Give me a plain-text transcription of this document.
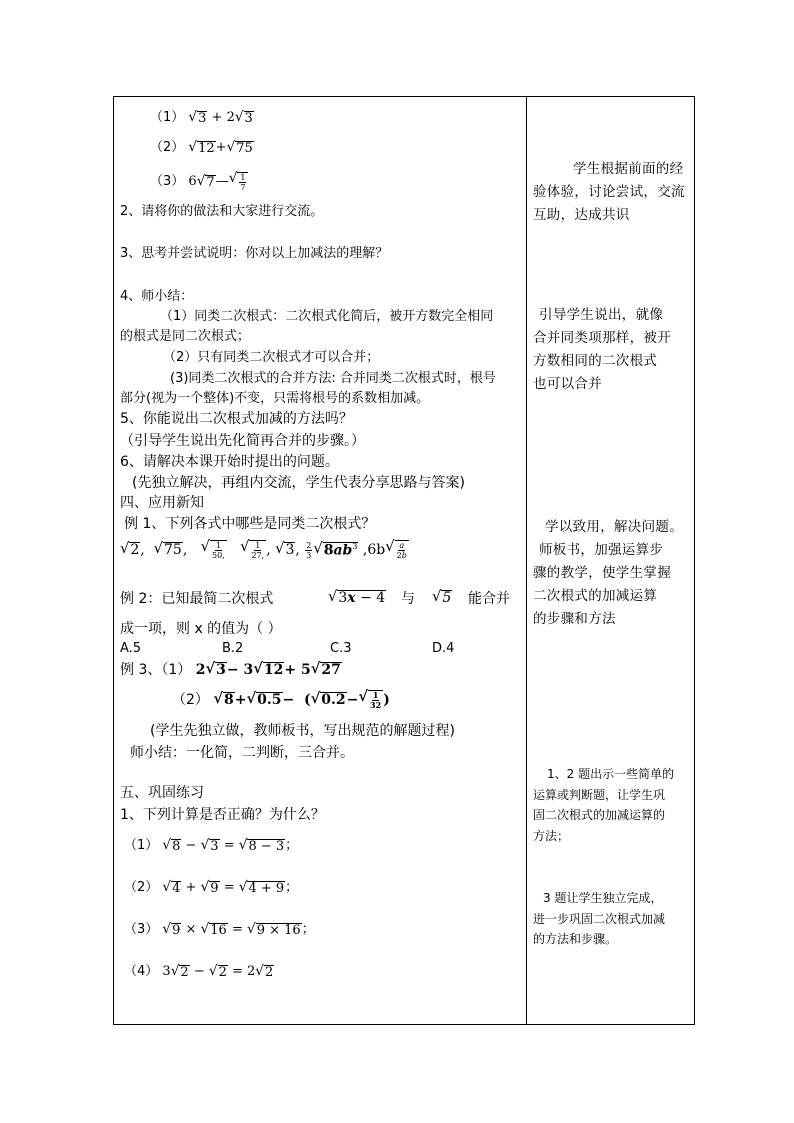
（1） √ 3 + 2 √ 3
（2） √ 12 + √ 75
（3） 6 √ 7 — √ $\frac{1}{7}$
2、请将你的做法和大家进行交流。
3、思考并尝试说明：你对以上加减法的理解？
4、师小结：
（1）同类二次根式：二次根式化简后，被开方数完全相同
的根式是同二次根式；
（2）只有同类二次根式才可以合并；
(3)同类二次根式的合并方法: 合并同类二次根式时，根号
部分(视为一个整体)不变，只需将根号的系数相加减。
5、你能说出二次根式加减的方法吗？
（引导学生说出先化简再合并的步骤。）
6、请解决本课开始时提出的问题。
(先独立解决，再组内交流，学生代表分享思路与答案)
四、应用新知
例 1、下列各式中哪些是同类二次根式？
√ 2 , √ 75 , √ $\frac{1}{50,}$
√ $\frac{1}{27,}$ , √ 3 , $\frac{2}{3}$ √ $8ab^3$ ,6b √ $\frac{a}{2b}$
例 2：已知最简二次根式	√ 3x − 4 与 √ 5 能合并
成一项，则 x 的值为（ ）
A.5	B.2	C.3	D.4
例 3、（1） 2 √ 3 − 3 √ 12 + 5 √ 27
（2） √ 8 + √ 0.5 −  ( √ 0.2 − √ $\frac{1}{32}$ )
(学生先独立做，教师板书，写出规范的解题过程)
师小结：一化简，二判断，三合并。
五、巩固练习
1、下列计算是否正确？为什么？
（1） √ 8 − √ 3 = √ 8 − 3 ；
（2） √ 4 + √ 9 = √ 4 + 9 ；
（3） √ 9 × √ 16 = √ 9 × 16 ；
（4） 3 √ 2 − √ 2 = 2 √ 2
学生根据前面的经
验体验，讨论尝试，交流
互助，达成共识
引导学生说出，就像
合并同类项那样，被开
方数相同的二次根式
也可以合并
学以致用，解决问题。
师板书，加强运算步
骤的教学，使学生掌握
二次根式的加减运算
的步骤和方法
1、2 题出示一些简单的
运算或判断题，让学生巩
固二次根式的加减运算的
方法；
3 题让学生独立完成，
进一步巩固二次根式加减
的方法和步骤。
